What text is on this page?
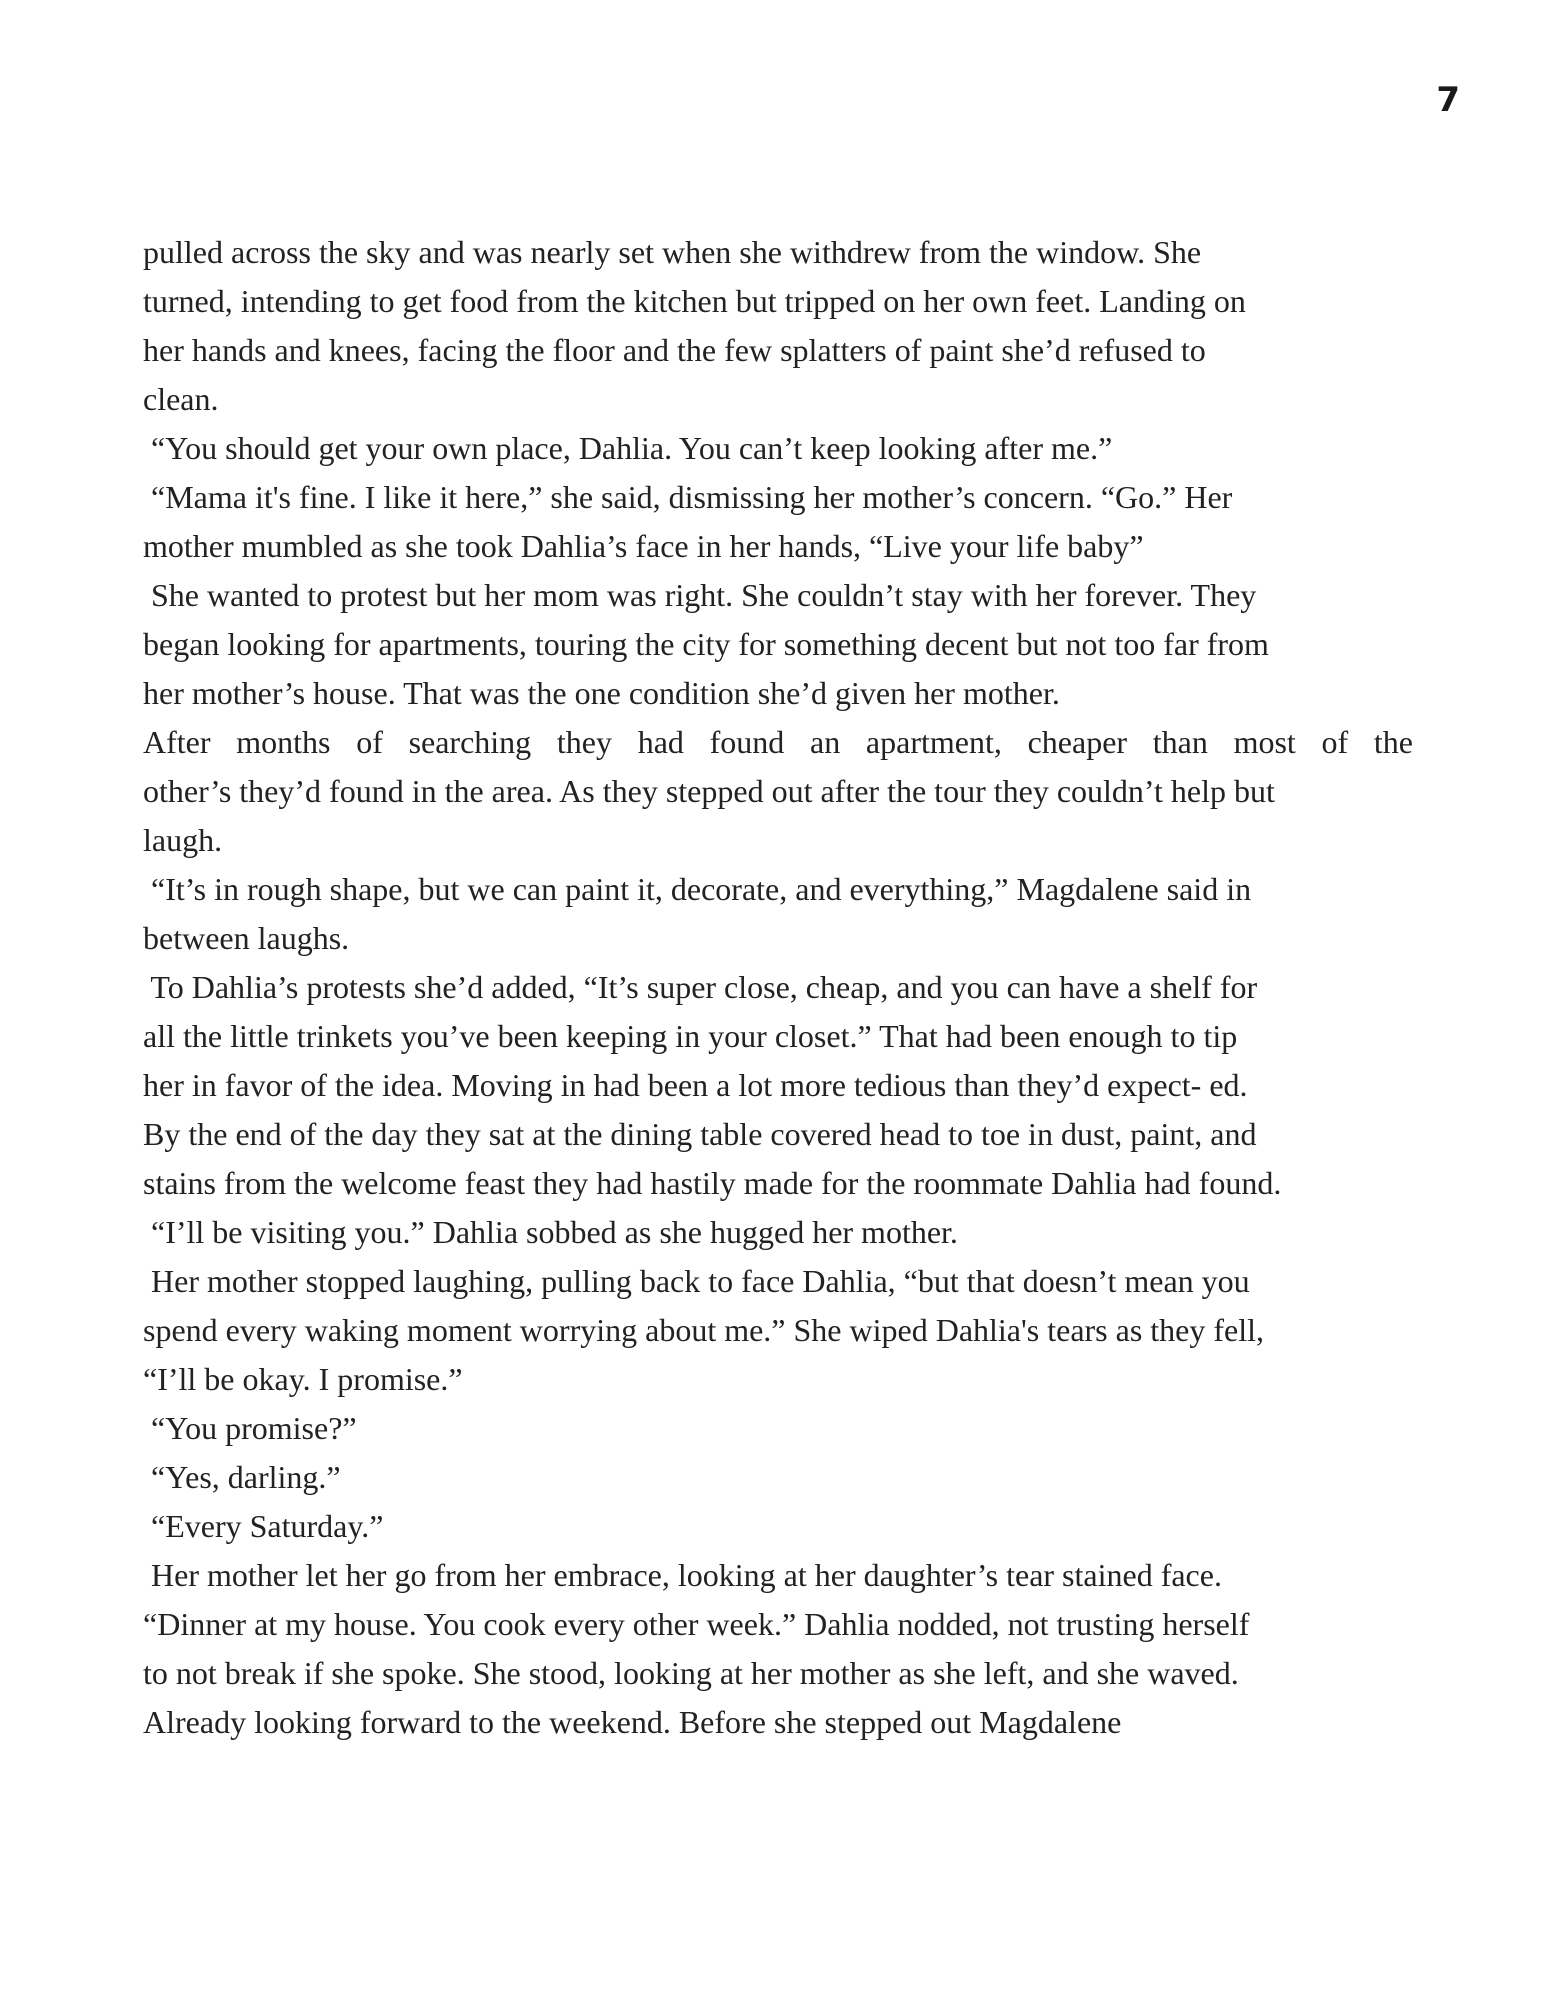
7
pulled across the sky and was nearly set when she withdrew from the window. She
turned, intending to get food from the kitchen but tripped on her own feet. Landing on
her hands and knees, facing the floor and the few splatters of paint she’d refused to
clean.
“You should get your own place, Dahlia. You can’t keep looking after me.”
“Mama it's fine. I like it here,” she said, dismissing her mother’s concern. “Go.” Her
mother mumbled as she took Dahlia’s face in her hands, “Live your life baby”
She wanted to protest but her mom was right. She couldn’t stay with her forever. They
began looking for apartments, touring the city for something decent but not too far from
her mother’s house. That was the one condition she’d given her mother.
After months of searching they had found an apartment, cheaper than most of the
other’s they’d found in the area. As they stepped out after the tour they couldn’t help but
laugh.
“It’s in rough shape, but we can paint it, decorate, and everything,” Magdalene said in
between laughs.
To Dahlia’s protests she’d added, “It’s super close, cheap, and you can have a shelf for
all the little trinkets you’ve been keeping in your closet.” That had been enough to tip
her in favor of the idea. Moving in had been a lot more tedious than they’d expect- ed.
By the end of the day they sat at the dining table covered head to toe in dust, paint, and
stains from the welcome feast they had hastily made for the roommate Dahlia had found.
“I’ll be visiting you.” Dahlia sobbed as she hugged her mother.
Her mother stopped laughing, pulling back to face Dahlia, “but that doesn’t mean you
spend every waking moment worrying about me.” She wiped Dahlia's tears as they fell,
“I’ll be okay. I promise.”
“You promise?”
“Yes, darling.”
“Every Saturday.”
Her mother let her go from her embrace, looking at her daughter’s tear stained face.
“Dinner at my house. You cook every other week.” Dahlia nodded, not trusting herself
to not break if she spoke. She stood, looking at her mother as she left, and she waved.
Already looking forward to the weekend. Before she stepped out Magdalene
